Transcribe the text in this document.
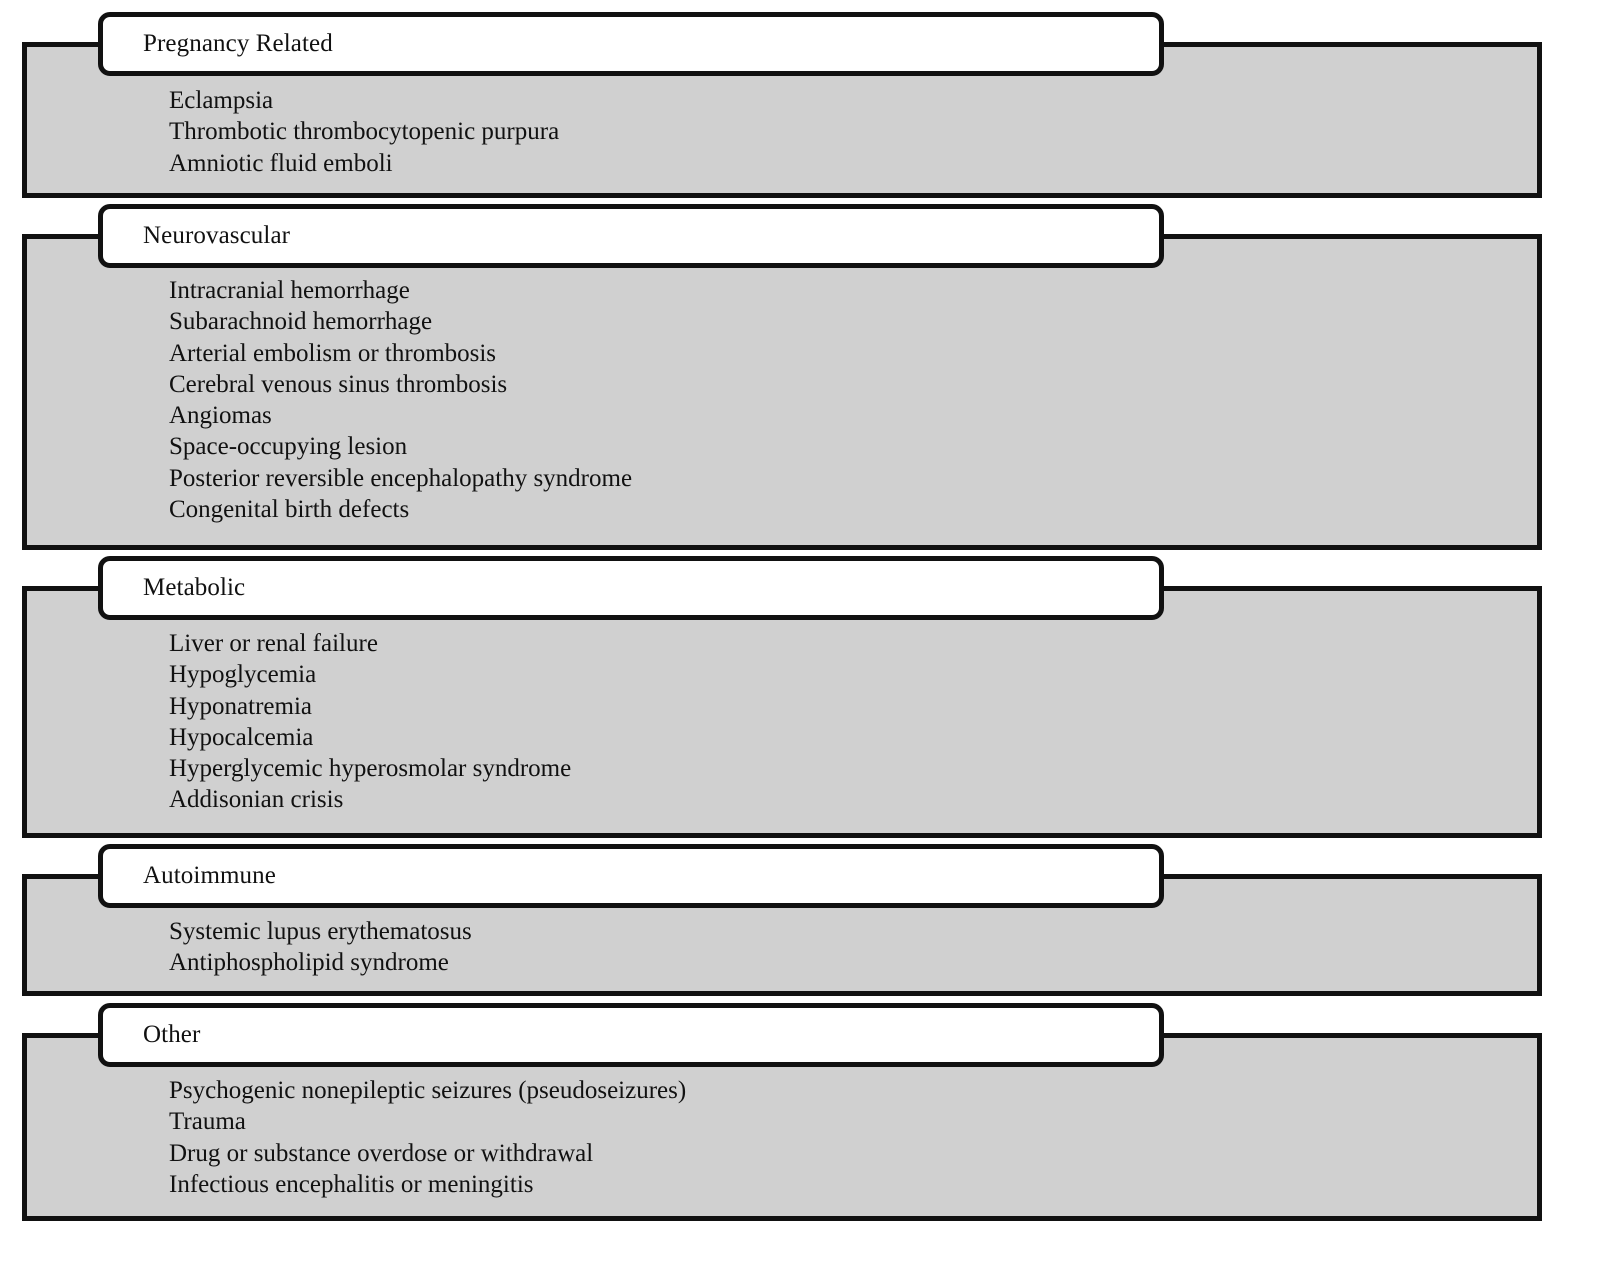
Pregnancy Related
Eclampsia
Thrombotic thrombocytopenic purpura
Amniotic fluid emboli
Neurovascular
Intracranial hemorrhage
Subarachnoid hemorrhage
Arterial embolism or thrombosis
Cerebral venous sinus thrombosis
Angiomas
Space-occupying lesion
Posterior reversible encephalopathy syndrome
Congenital birth defects
Metabolic
Liver or renal failure
Hypoglycemia
Hyponatremia
Hypocalcemia
Hyperglycemic hyperosmolar syndrome
Addisonian crisis
Autoimmune
Systemic lupus erythematosus
Antiphospholipid syndrome
Other
Psychogenic nonepileptic seizures (pseudoseizures)
Trauma
Drug or substance overdose or withdrawal
Infectious encephalitis or meningitis
